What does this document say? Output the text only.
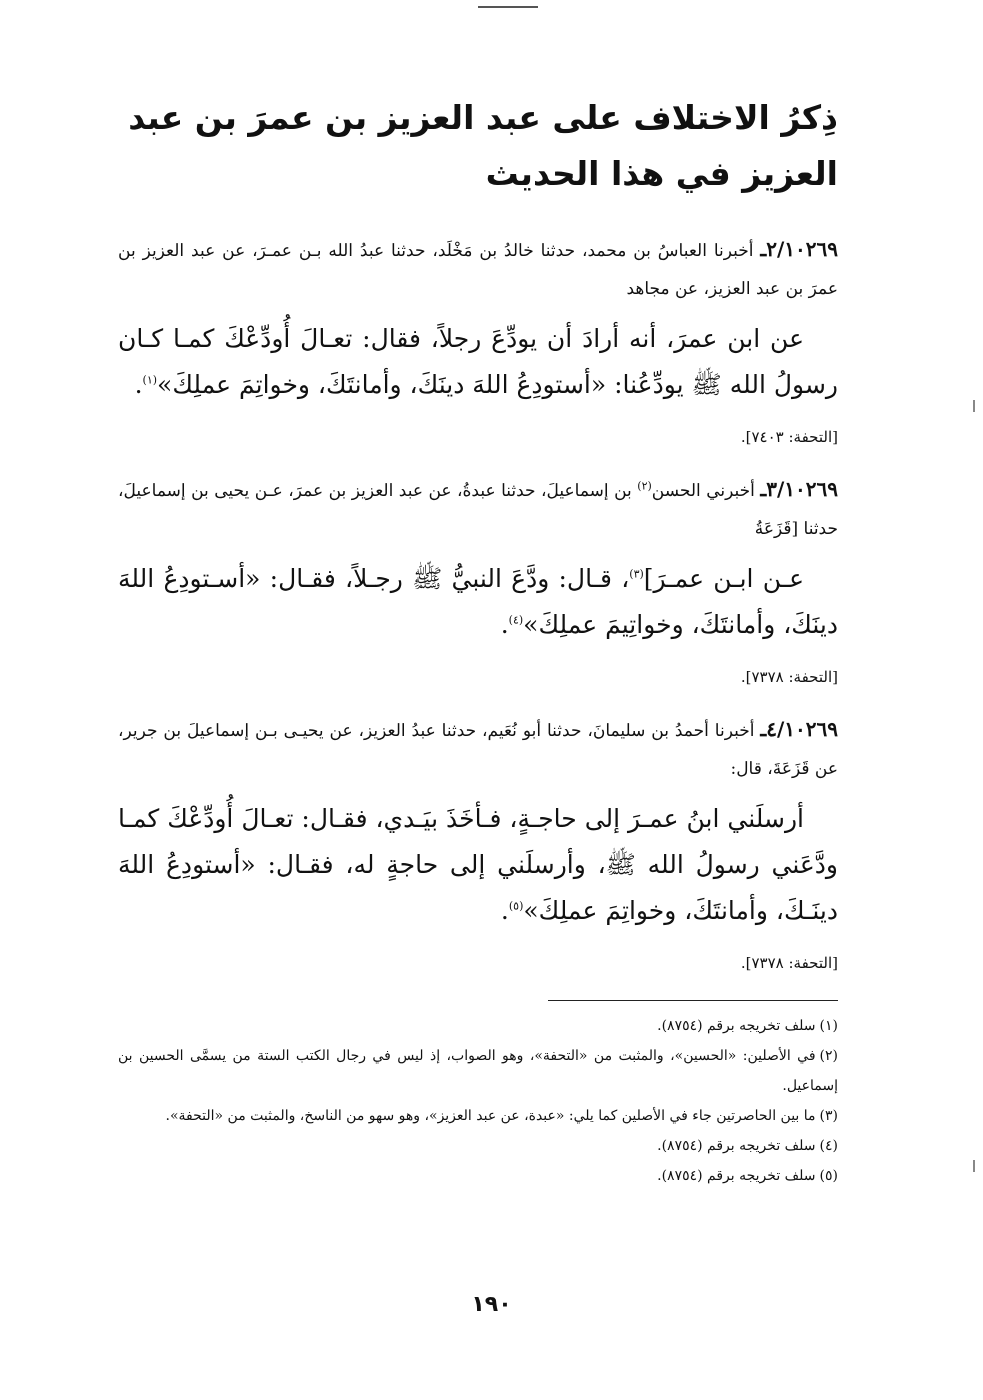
ذِكرُ الاختلاف على عبد العزيز بن عمرَ بن عبد العزيز في هذا الحديث

٢/١٠٢٦٩ـ أخبرنا العباسُ بن محمد، حدثنا خالدُ بن مَخْلَد، حدثنا عبدُ الله بـن عمـرَ، عن عبد العزيز بن عمرَ بن عبد العزيز، عن مجاهد

عن ابن عمرَ، أنه أرادَ أن يودِّعَ رجلاً، فقال: تعـالَ أُودِّعْكَ كمـا كـان رسولُ الله ﷺ يودِّعُنا: «أستودِعُ اللهَ دينَكَ، وأمانتَكَ، وخواتِمَ عملِكَ»$^{(١)}$.

[التحفة: ٧٤٠٣].

٣/١٠٢٦٩ـ أخبرني الحسن$^{(٢)}$ بن إسماعيلَ، حدثنا عبدةُ، عن عبد العزيز بن عمرَ، عـن يحيى بن إسماعيلَ، حدثنا [قَزَعَةُ

عـن ابـن عمـرَ]$^{(٣)}$، قـال: ودَّعَ النبيُّ ﷺ رجـلاً، فقـال: «أسـتودِعُ اللهَ دينَكَ، وأمانتَكَ، وخواتِيمَ عملِكَ»$^{(٤)}$.

[التحفة: ٧٣٧٨].

٤/١٠٢٦٩ـ أخبرنا أحمدُ بن سليمانَ، حدثنا أبو نُعَيم، حدثنا عبدُ العزيز، عن يحيـى بـن إسماعيلَ بن جرير، عن قَزَعَةَ، قال:

أرسلَني ابنُ عمـرَ إلى حاجـةٍ، فـأخَذَ بيَـدي، فقـال: تعـالَ أُودِّعْكَ كمـا ودَّعَني رسولُ الله ﷺ، وأرسلَني إلى حاجةٍ له، فقـال: «أستودِعُ اللهَ دينَـكَ، وأمانتَكَ، وخواتِمَ عملِكَ»$^{(٥)}$.

[التحفة: ٧٣٧٨].

(١)سلف تخريجه برقم (٨٧٥٤).

(٢)في الأصلين: «الحسين»، والمثبت من «التحفة»، وهو الصواب، إذ ليس في رجال الكتب الستة من يسمَّى الحسين بن إسماعيل.

(٣)ما بين الحاصرتين جاء في الأصلين كما يلي: «عبدة، عن عبد العزيز»، وهو سهو من الناسخ، والمثبت من «التحفة».

(٤)سلف تخريجه برقم (٨٧٥٤).

(٥)سلف تخريجه برقم (٨٧٥٤).

١٩٠
